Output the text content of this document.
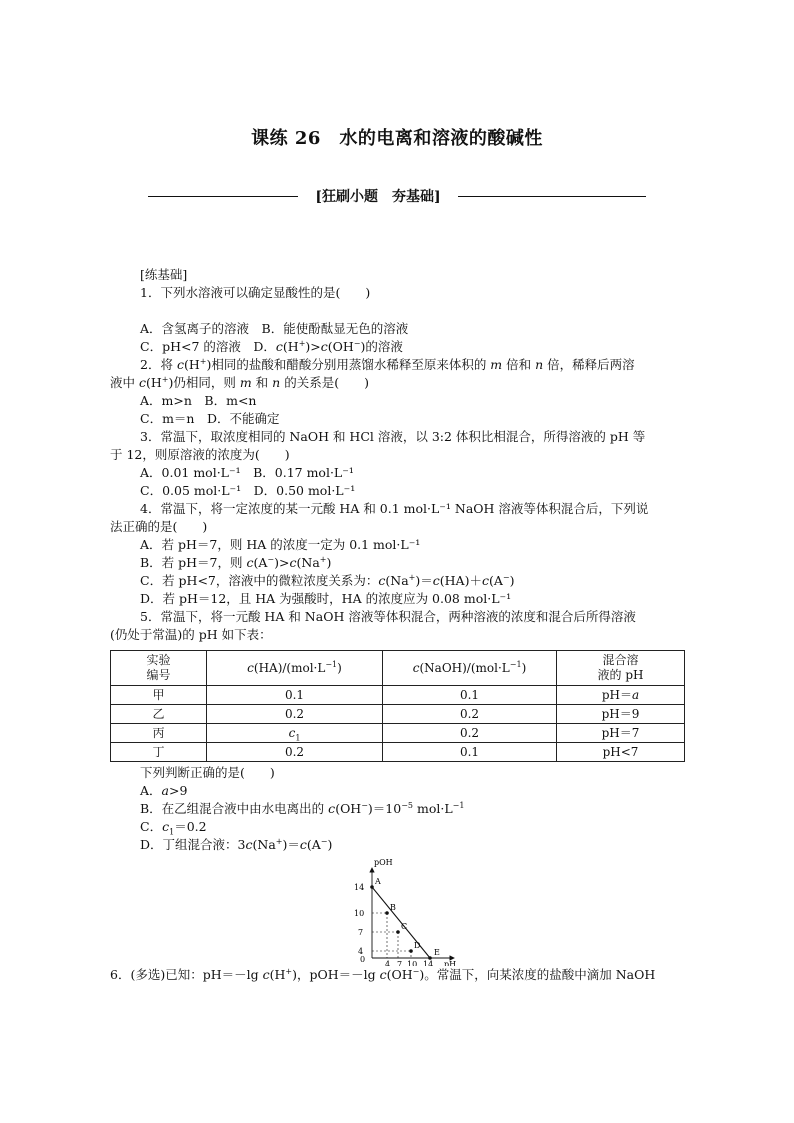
课练 26　水的电离和溶液的酸碱性
[狂刷小题　夯基础]
[练基础]
1．下列水溶液可以确定显酸性的是(　　)
A．含氢离子的溶液　B．能使酚酞显无色的溶液
C．pH<7 的溶液　D．c(H+)>c(OH−)的溶液
2．将 c(H+)相同的盐酸和醋酸分别用蒸馏水稀释至原来体积的 m 倍和 n 倍，稀释后两溶
液中 c(H+)仍相同，则 m 和 n 的关系是(　　)
A．m>n　B．m<n
C．m＝n　D．不能确定
3．常温下，取浓度相同的 NaOH 和 HCl 溶液，以 3:2 体积比相混合，所得溶液的 pH 等
于 12，则原溶液的浓度为(　　)
A．0.01 mol·L⁻¹　B．0.17 mol·L⁻¹
C．0.05 mol·L⁻¹　D．0.50 mol·L⁻¹
4．常温下，将一定浓度的某一元酸 HA 和 0.1 mol·L⁻¹ NaOH 溶液等体积混合后，下列说
法正确的是(　　)
A．若 pH＝7，则 HA 的浓度一定为 0.1 mol·L⁻¹
B．若 pH＝7，则 c(A−)>c(Na+)
C．若 pH<7，溶液中的微粒浓度关系为：c(Na+)＝c(HA)＋c(A−)
D．若 pH＝12，且 HA 为强酸时，HA 的浓度应为 0.08 mol·L⁻¹
5．常温下，将一元酸 HA 和 NaOH 溶液等体积混合，两种溶液的浓度和混合后所得溶液
(仍处于常温)的 pH 如下表：
实验
编号	$c(HA)/(mol\cdot L^{-1})$	$c(NaOH)/(mol\cdot L^{-1})$	混合溶
液的 pH
甲	0.1	0.1	pH＝a
乙	0.2	0.2	pH＝9
丙	$c_1$	0.2	pH＝7
丁	0.2	0.1	pH<7
下列判断正确的是(　　)
A．a>9
B．在乙组混合液中由水电离出的 $c(OH^-)=10^{-5}$ $mol\cdot L^{-1}$
C．$c_1=0.2$
D．丁组混合液：3c(Na+)＝c(A−)
pOH
pH
14
10
7
4
0
4 7 10 14
A
B
C
D
E
6．(多选)已知：pH＝－lg c(H+)，pOH＝－lg c(OH−)。常温下，向某浓度的盐酸中滴加 NaOH
